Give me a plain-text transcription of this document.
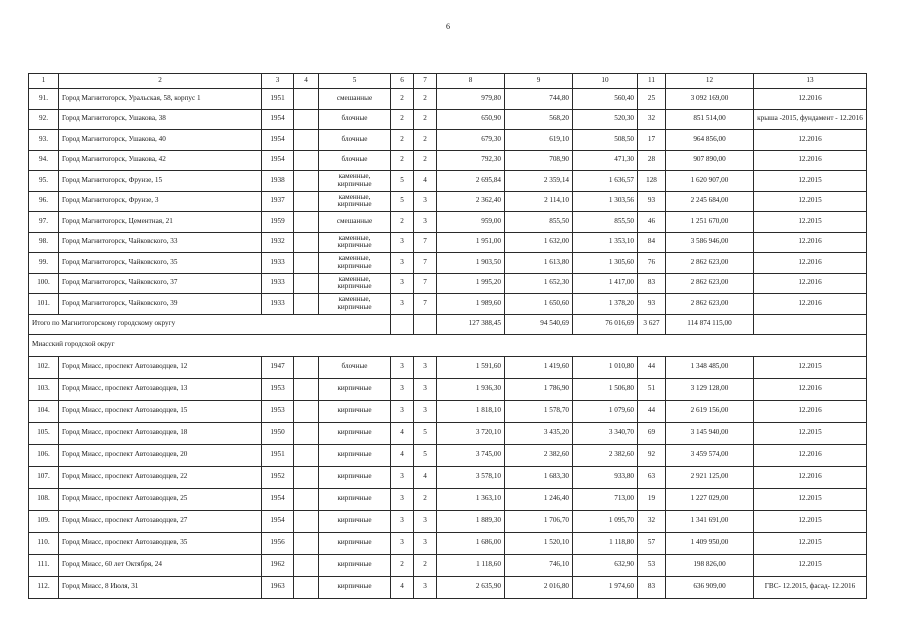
6
1	2	3	4	5	6	7	8	9	10	11	12	13
91.	Город Магнитогорск, Уральская, 58, корпус 1	1951		смешанные	2	2	979,80	744,80	560,40	25	3 092 169,00	12.2016
92.	Город Магнитогорск, Ушакова, 38	1954		блочные	2	2	650,90	568,20	520,30	32	851 514,00	крыша -2015, фундамент - 12.2016
93.	Город Магнитогорск, Ушакова, 40	1954		блочные	2	2	679,30	619,10	508,50	17	964 856,00	12.2016
94.	Город Магнитогорск, Ушакова, 42	1954		блочные	2	2	792,30	708,90	471,30	28	907 890,00	12.2016
95.	Город Магнитогорск, Фрунзе, 15	1938		каменные, кирпичные	5	4	2 695,84	2 359,14	1 636,57	128	1 620 907,00	12.2015
96.	Город Магнитогорск, Фрунзе, 3	1937		каменные, кирпичные	5	3	2 362,40	2 114,10	1 303,56	93	2 245 684,00	12.2015
97.	Город Магнитогорск, Цементная, 21	1959		смешанные	2	3	959,00	855,50	855,50	46	1 251 670,00	12.2015
98.	Город Магнитогорск, Чайковского, 33	1932		каменные, кирпичные	3	7	1 951,00	1 632,00	1 353,10	84	3 586 946,00	12.2016
99.	Город Магнитогорск, Чайковского, 35	1933		каменные, кирпичные	3	7	1 903,50	1 613,80	1 305,60	76	2 862 623,00	12.2016
100.	Город Магнитогорск, Чайковского, 37	1933		каменные, кирпичные	3	7	1 995,20	1 652,30	1 417,00	83	2 862 623,00	12.2016
101.	Город Магнитогорск, Чайковского, 39	1933		каменные, кирпичные	3	7	1 989,60	1 650,60	1 378,20	93	2 862 623,00	12.2016
Итого по Магнитогорскому городскому округу							127 388,45	94 540,69	76 016,69	3 627	114 874 115,00	
Миасский городской округ												
102.	Город Миасс, проспект Автозаводцев, 12	1947		блочные	3	3	1 591,60	1 419,60	1 010,80	44	1 348 485,00	12.2015
103.	Город Миасс, проспект Автозаводцев, 13	1953		кирпичные	3	3	1 936,30	1 786,90	1 506,80	51	3 129 128,00	12.2016
104.	Город Миасс, проспект Автозаводцев, 15	1953		кирпичные	3	3	1 818,10	1 578,70	1 079,60	44	2 619 156,00	12.2016
105.	Город Миасс, проспект Автозаводцев, 18	1950		кирпичные	4	5	3 720,10	3 435,20	3 340,70	69	3 145 940,00	12.2015
106.	Город Миасс, проспект Автозаводцев, 20	1951		кирпичные	4	5	3 745,00	2 382,60	2 382,60	92	3 459 574,00	12.2016
107.	Город Миасс, проспект Автозаводцев, 22	1952		кирпичные	3	4	3 578,10	1 683,30	933,80	63	2 921 125,00	12.2016
108.	Город Миасс, проспект Автозаводцев, 25	1954		кирпичные	3	2	1 363,10	1 246,40	713,00	19	1 227 029,00	12.2015
109.	Город Миасс, проспект Автозаводцев, 27	1954		кирпичные	3	3	1 889,30	1 706,70	1 095,70	32	1 341 691,00	12.2015
110.	Город Миасс, проспект Автозаводцев, 35	1956		кирпичные	3	3	1 686,00	1 520,10	1 118,80	57	1 409 950,00	12.2015
111.	Город Миасс, 60 лет Октября, 24	1962		кирпичные	2	2	1 118,60	746,10	632,90	53	198 826,00	12.2015
112.	Город Миасс, 8 Июля, 31	1963		кирпичные	4	3	2 635,90	2 016,80	1 974,60	83	636 909,00	ГВС- 12.2015, фасад- 12.2016
